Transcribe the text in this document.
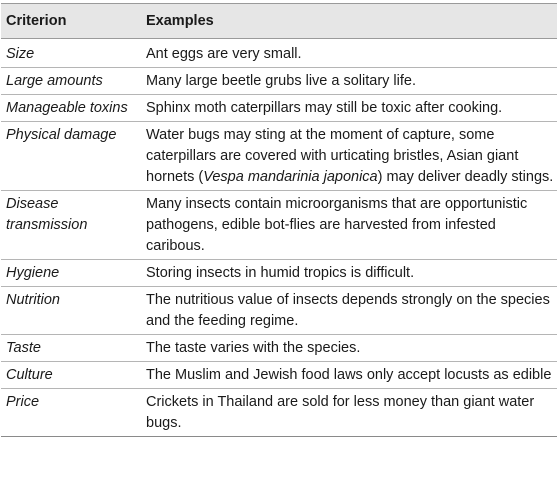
Criterion	Examples
Size	Ant eggs are very small.
Large amounts	Many large beetle grubs live a solitary life.
Manageable toxins	Sphinx moth caterpillars may still be toxic after cooking.
Physical damage	Water bugs may sting at the moment of capture, some caterpillars are covered with urticating bristles, Asian giant hornets (Vespa mandarinia japonica) may deliver deadly stings.
Disease transmission	Many insects contain microorganisms that are opportunistic pathogens, edible bot-flies are harvested from infested caribous.
Hygiene	Storing insects in humid tropics is difficult.
Nutrition	The nutritious value of insects depends strongly on the species and the feeding regime.
Taste	The taste varies with the species.
Culture	The Muslim and Jewish food laws only accept locusts as edible
Price	Crickets in Thailand are sold for less money than giant water bugs.
